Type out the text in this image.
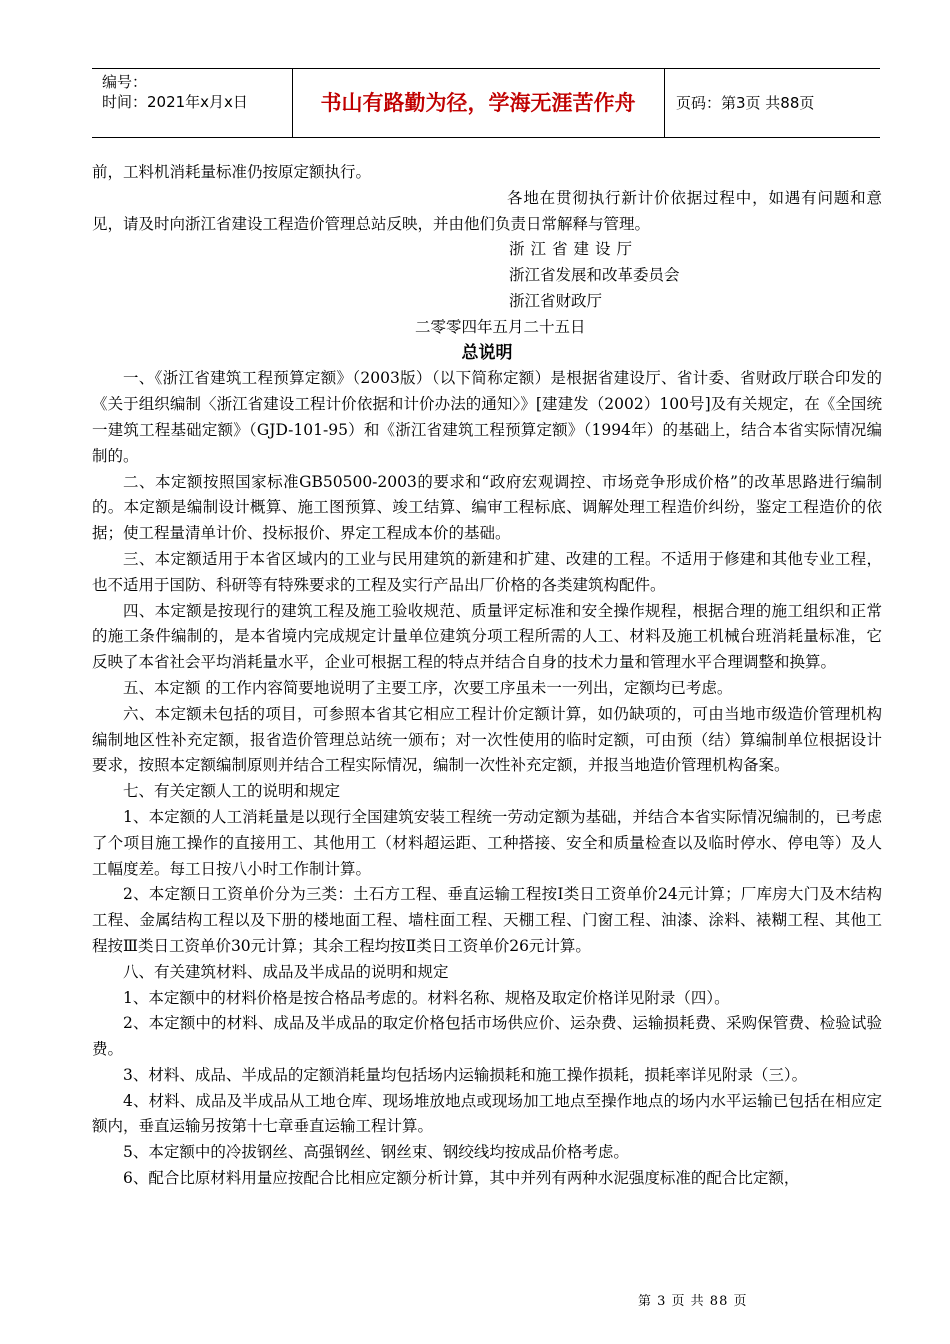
编号：
时间：2021年x月x日	书山有路勤为径，学海无涯苦作舟	页码：第3页 共88页

前，工料机消耗量标准仍按原定额执行。

各地在贯彻执行新计价依据过程中，如遇有问题和意见，请及时向浙江省建设工程造价管理总站反映，并由他们负责日常解释与管理。

浙江省建设厅

浙江省发展和改革委员会

浙江省财政厅

二零零四年五月二十五日

总说明

一、《浙江省建筑工程预算定额》（2003版）（以下简称定额）是根据省建设厅、省计委、省财政厅联合印发的《关于组织编制〈浙江省建设工程计价依据和计价办法的通知〉》[建建发（2002）100号]及有关规定，在《全国统一建筑工程基础定额》（GJD-101-95）和《浙江省建筑工程预算定额》（1994年）的基础上，结合本省实际情况编制的。

二、本定额按照国家标准GB50500-2003的要求和“政府宏观调控、市场竞争形成价格”的改革思路进行编制的。本定额是编制设计概算、施工图预算、竣工结算、编审工程标底、调解处理工程造价纠纷，鉴定工程造价的依据；使工程量清单计价、投标报价、界定工程成本价的基础。

三、本定额适用于本省区域内的工业与民用建筑的新建和扩建、改建的工程。不适用于修建和其他专业工程，也不适用于国防、科研等有特殊要求的工程及实行产品出厂价格的各类建筑构配件。

四、本定额是按现行的建筑工程及施工验收规范、质量评定标准和安全操作规程，根据合理的施工组织和正常的施工条件编制的，是本省境内完成规定计量单位建筑分项工程所需的人工、材料及施工机械台班消耗量标准，它反映了本省社会平均消耗量水平，企业可根据工程的特点并结合自身的技术力量和管理水平合理调整和换算。

五、本定额 的工作内容简要地说明了主要工序，次要工序虽未一一列出，定额均已考虑。

六、本定额未包括的项目，可参照本省其它相应工程计价定额计算，如仍缺项的，可由当地市级造价管理机构编制地区性补充定额，报省造价管理总站统一颁布；对一次性使用的临时定额，可由预（结）算编制单位根据设计要求，按照本定额编制原则并结合工程实际情况，编制一次性补充定额，并报当地造价管理机构备案。

七、有关定额人工的说明和规定

1、本定额的人工消耗量是以现行全国建筑安装工程统一劳动定额为基础，并结合本省实际情况编制的，已考虑了个项目施工操作的直接用工、其他用工（材料超运距、工种搭接、安全和质量检查以及临时停水、停电等）及人工幅度差。每工日按八小时工作制计算。

2、本定额日工资单价分为三类：土石方工程、垂直运输工程按Ⅰ类日工资单价24元计算；厂库房大门及木结构工程、金属结构工程以及下册的楼地面工程、墙柱面工程、天棚工程、门窗工程、油漆、涂料、裱糊工程、其他工程按Ⅲ类日工资单价30元计算；其余工程均按Ⅱ类日工资单价26元计算。

八、有关建筑材料、成品及半成品的说明和规定

1、本定额中的材料价格是按合格品考虑的。材料名称、规格及取定价格详见附录（四）。

2、本定额中的材料、成品及半成品的取定价格包括市场供应价、运杂费、运输损耗费、采购保管费、检验试验费。

3、材料、成品、半成品的定额消耗量均包括场内运输损耗和施工操作损耗，损耗率详见附录（三）。

4、材料、成品及半成品从工地仓库、现场堆放地点或现场加工地点至操作地点的场内水平运输已包括在相应定额内，垂直运输另按第十七章垂直运输工程计算。

5、本定额中的冷拔钢丝、高强钢丝、钢丝束、钢绞线均按成品价格考虑。

6、配合比原材料用量应按配合比相应定额分析计算，其中并列有两种水泥强度标准的配合比定额，

第 3 页 共 88 页
